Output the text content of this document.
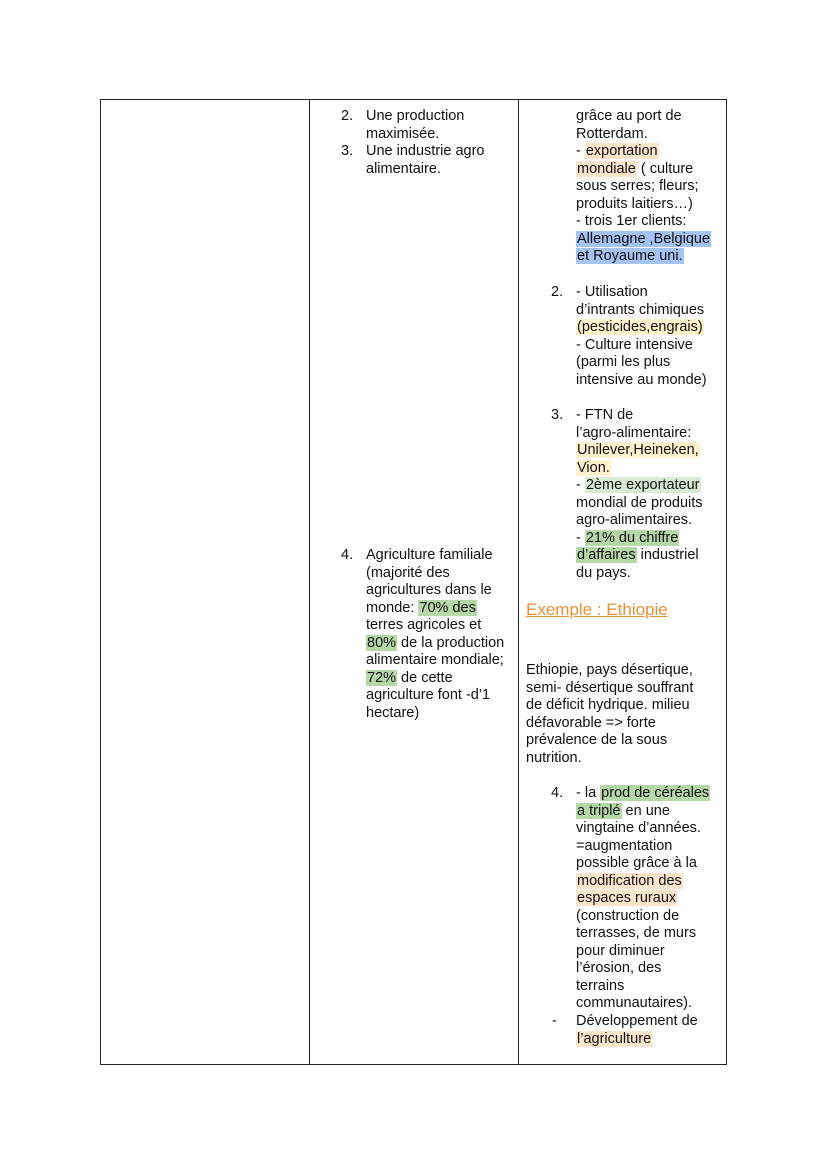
2. Une production
maximisée.
3. Une industrie agro
alimentaire.
4. Agriculture familiale
(majorité des
agricultures dans le
monde: 70% des
terres agricoles et
80% de la production
alimentaire mondiale;
72% de cette
agriculture font -d’1
hectare)
grâce au port de
Rotterdam.
- exportation
mondiale ( culture
sous serres; fleurs;
produits laitiers…)
- trois 1er clients:
Allemagne ,Belgique
et Royaume uni.
2. - Utilisation
d’intrants chimiques
(pesticides,engrais)
- Culture intensive
(parmi les plus
intensive au monde)
3. - FTN de
l’agro-alimentaire:
Unilever,Heineken,
Vion.
- 2ème exportateur
mondial de produits
agro-alimentaires.
- 21% du chiffre
d’affaires industriel
du pays.
Exemple : Ethiopie
Ethiopie, pays désertique,
semi- désertique souffrant
de déficit hydrique. milieu
défavorable => forte
prévalence de la sous
nutrition.
4. - la prod de céréales
a triplé en une
vingtaine d’années.
=augmentation
possible grâce à la
modification des
espaces ruraux
(construction de
terrasses, de murs
pour diminuer
l’érosion, des
terrains
communautaires).
- Développement de
l’agriculture
